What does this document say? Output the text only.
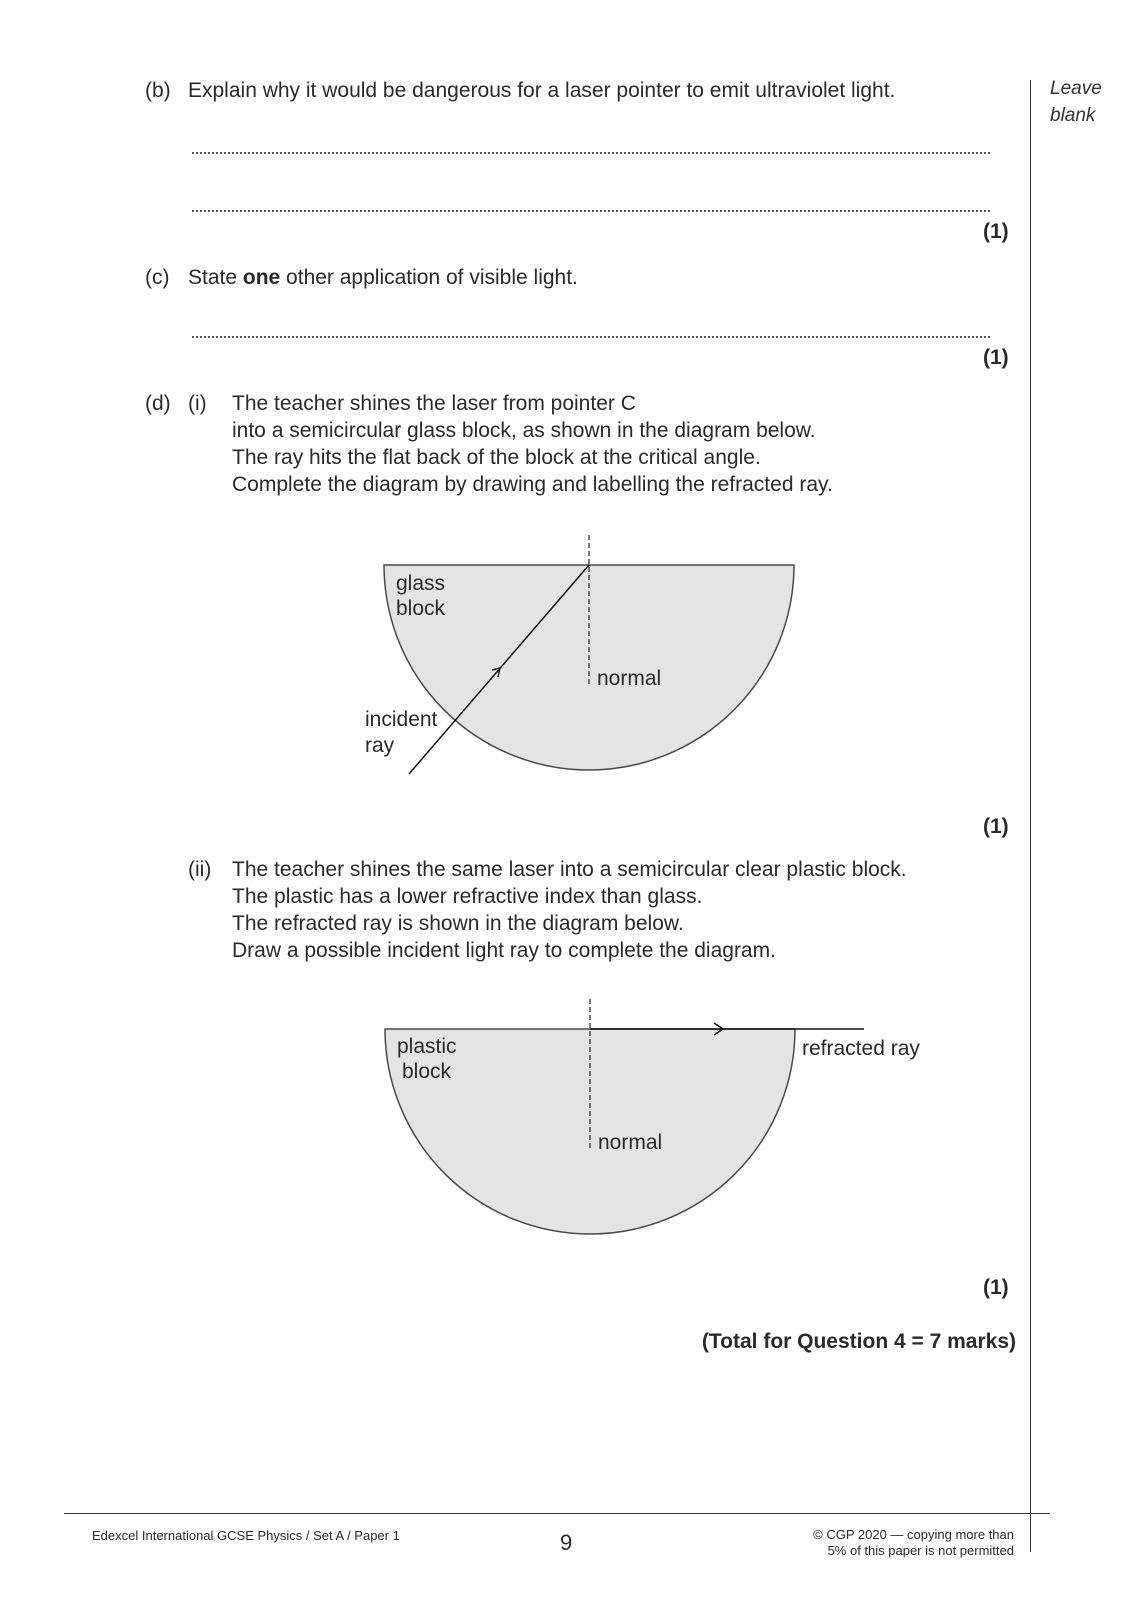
Leave
blank
(b) Explain why it would be dangerous for a laser pointer to emit ultraviolet light.
(1)
(c) State one other application of visible light.
(1)
(d) (i) The teacher shines the laser from pointer C
into a semicircular glass block, as shown in the diagram below.
The ray hits the flat back of the block at the critical angle.
Complete the diagram by drawing and labelling the refracted ray.
glass
block
normal
incident
ray
plastic
block
normal
refracted ray
(1)
(ii) The teacher shines the same laser into a semicircular clear plastic block.
The plastic has a lower refractive index than glass.
The refracted ray is shown in the diagram below.
Draw a possible incident light ray to complete the diagram.
(1)
(Total for Question 4 = 7 marks)
Edexcel International GCSE Physics / Set A / Paper 1	9	© CGP 2020 — copying more than
5% of this paper is not permitted
